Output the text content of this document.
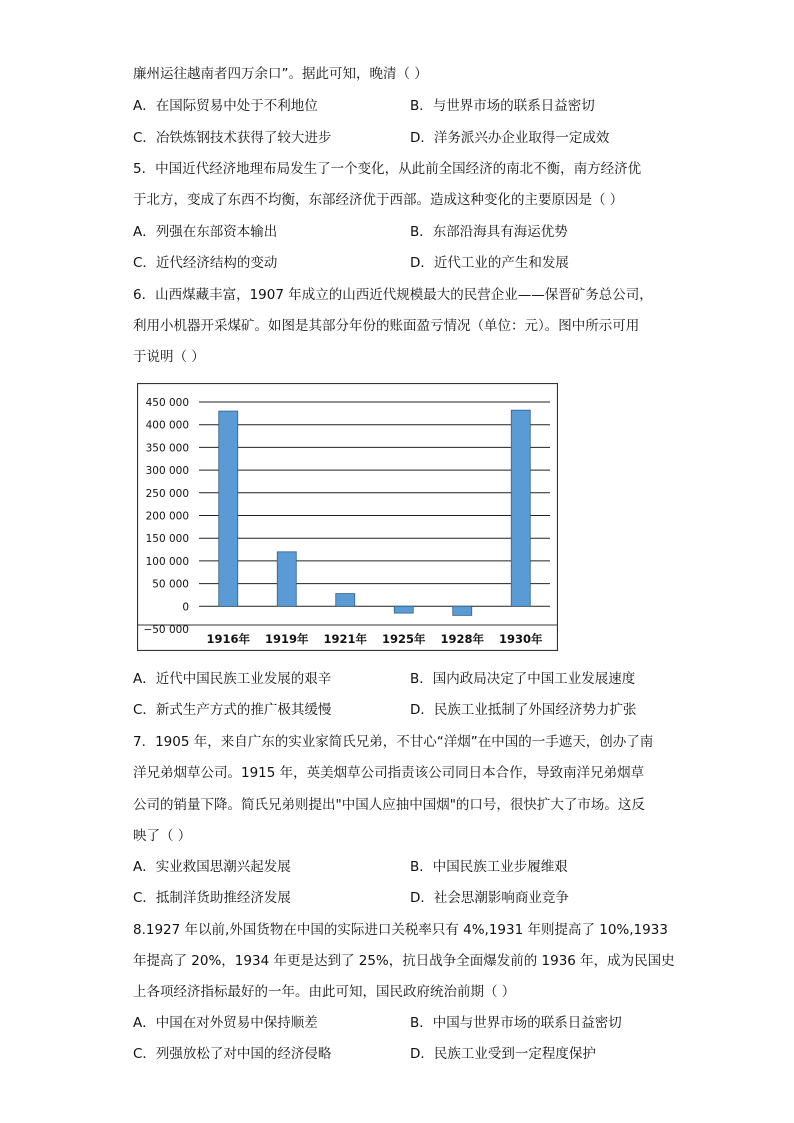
廉州运往越南者四万余口”。据此可知，晚清（ ）
A．在国际贸易中处于不利地位	B．与世界市场的联系日益密切
C．冶铁炼钢技术获得了较大进步	D．洋务派兴办企业取得一定成效
5．中国近代经济地理布局发生了一个变化，从此前全国经济的南北不衡，南方经济优
于北方，变成了东西不均衡，东部经济优于西部。造成这种变化的主要原因是（ ）
A．列强在东部资本输出	B．东部沿海具有海运优势
C．近代经济结构的变动	D．近代工业的产生和发展
6．山西煤藏丰富，1907 年成立的山西近代规模最大的民营企业——保晋矿务总公司，
利用小机器开采煤矿。如图是其部分年份的账面盈亏情况（单位：元）。图中所示可用
于说明（ ）
−50 000
0
50 000
100 000
150 000
200 000
250 000
300 000
350 000
400 000
450 000
1916年 1919年 1921年 1925年 1928年 1930年
A．近代中国民族工业发展的艰辛	B．国内政局决定了中国工业发展速度
C．新式生产方式的推广极其缓慢	D．民族工业抵制了外国经济势力扩张
7．1905 年，来自广东的实业家简氏兄弟，不甘心“洋烟”在中国的一手遮天，创办了南
洋兄弟烟草公司。1915 年，英美烟草公司指责该公司同日本合作，导致南洋兄弟烟草
公司的销量下降。简氏兄弟则提出"中国人应抽中国烟"的口号，很快扩大了市场。这反
映了（ ）
A．实业救国思潮兴起发展	B．中国民族工业步履维艰
C．抵制洋货助推经济发展	D．社会思潮影响商业竞争
8.1927 年以前,外国货物在中国的实际进口关税率只有 4%,1931 年则提高了 10%,1933
年提高了 20%，1934 年更是达到了 25%，抗日战争全面爆发前的 1936 年，成为民国史
上各项经济指标最好的一年。由此可知，国民政府统治前期（ ）
A．中国在对外贸易中保持顺差	B．中国与世界市场的联系日益密切
C．列强放松了对中国的经济侵略	D．民族工业受到一定程度保护
